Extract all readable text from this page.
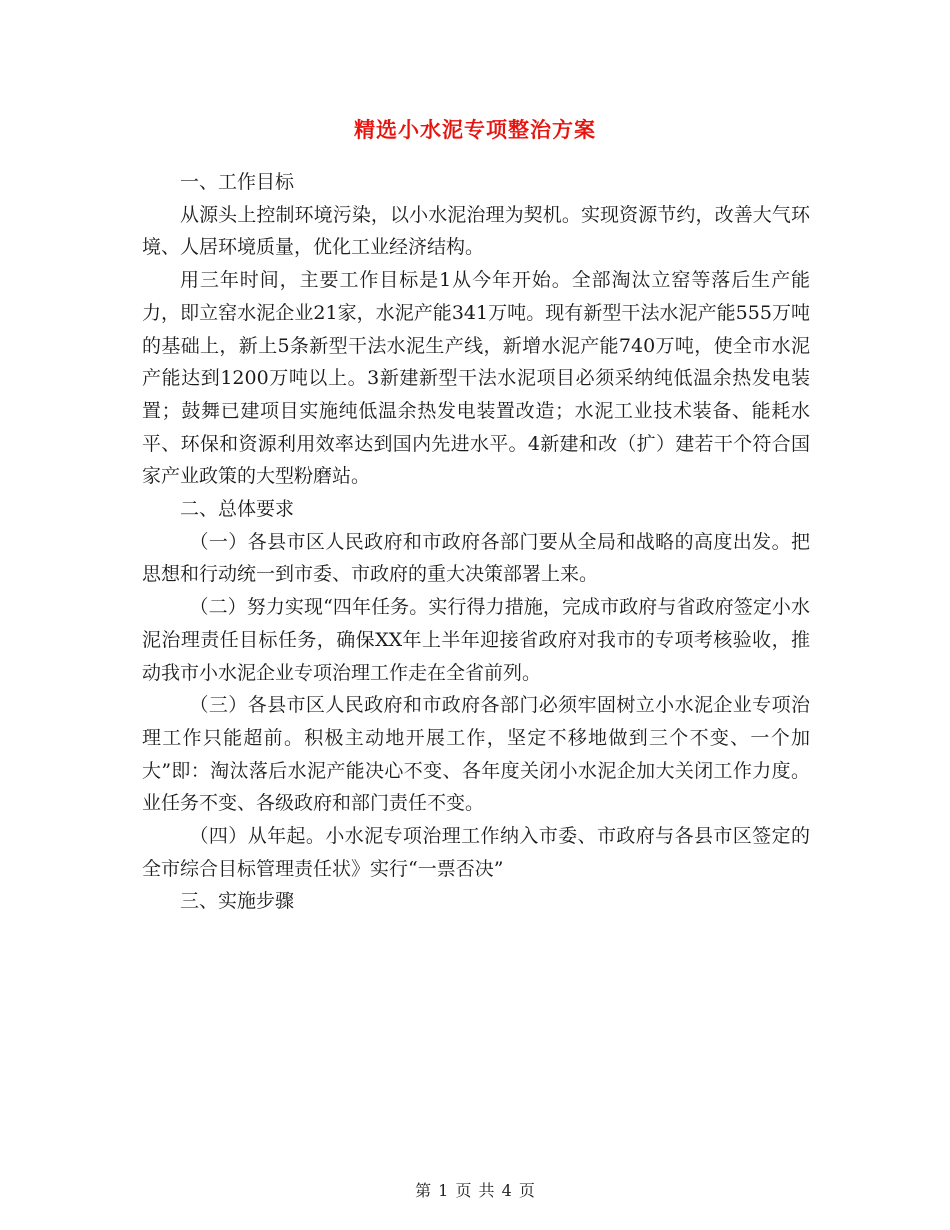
精选小水泥专项整治方案

一、工作目标

从源头上控制环境污染，以小水泥治理为契机。实现资源节约，改善大气环境、人居环境质量，优化工业经济结构。

用三年时间，主要工作目标是1从今年开始。全部淘汰立窑等落后生产能力，即立窑水泥企业21家，水泥产能341万吨。现有新型干法水泥产能555万吨的基础上，新上5条新型干法水泥生产线，新增水泥产能740万吨，使全市水泥产能达到1200万吨以上。3新建新型干法水泥项目必须采纳纯低温余热发电装置；鼓舞已建项目实施纯低温余热发电装置改造；水泥工业技术装备、能耗水平、环保和资源利用效率达到国内先进水平。4新建和改（扩）建若干个符合国家产业政策的大型粉磨站。

二、总体要求

（一）各县市区人民政府和市政府各部门要从全局和战略的高度出发。把思想和行动统一到市委、市政府的重大决策部署上来。

（二）努力实现“四年任务。实行得力措施，完成市政府与省政府签定小水泥治理责任目标任务，确保XX年上半年迎接省政府对我市的专项考核验收，推动我市小水泥企业专项治理工作走在全省前列。

（三）各县市区人民政府和市政府各部门必须牢固树立小水泥企业专项治理工作只能超前。积极主动地开展工作，坚定不移地做到三个不变、一个加大”即：淘汰落后水泥产能决心不变、各年度关闭小水泥企加大关闭工作力度。业任务不变、各级政府和部门责任不变。

（四）从年起。小水泥专项治理工作纳入市委、市政府与各县市区签定的全市综合目标管理责任状》实行“一票否决”

三、实施步骤

第 1 页 共 4 页
